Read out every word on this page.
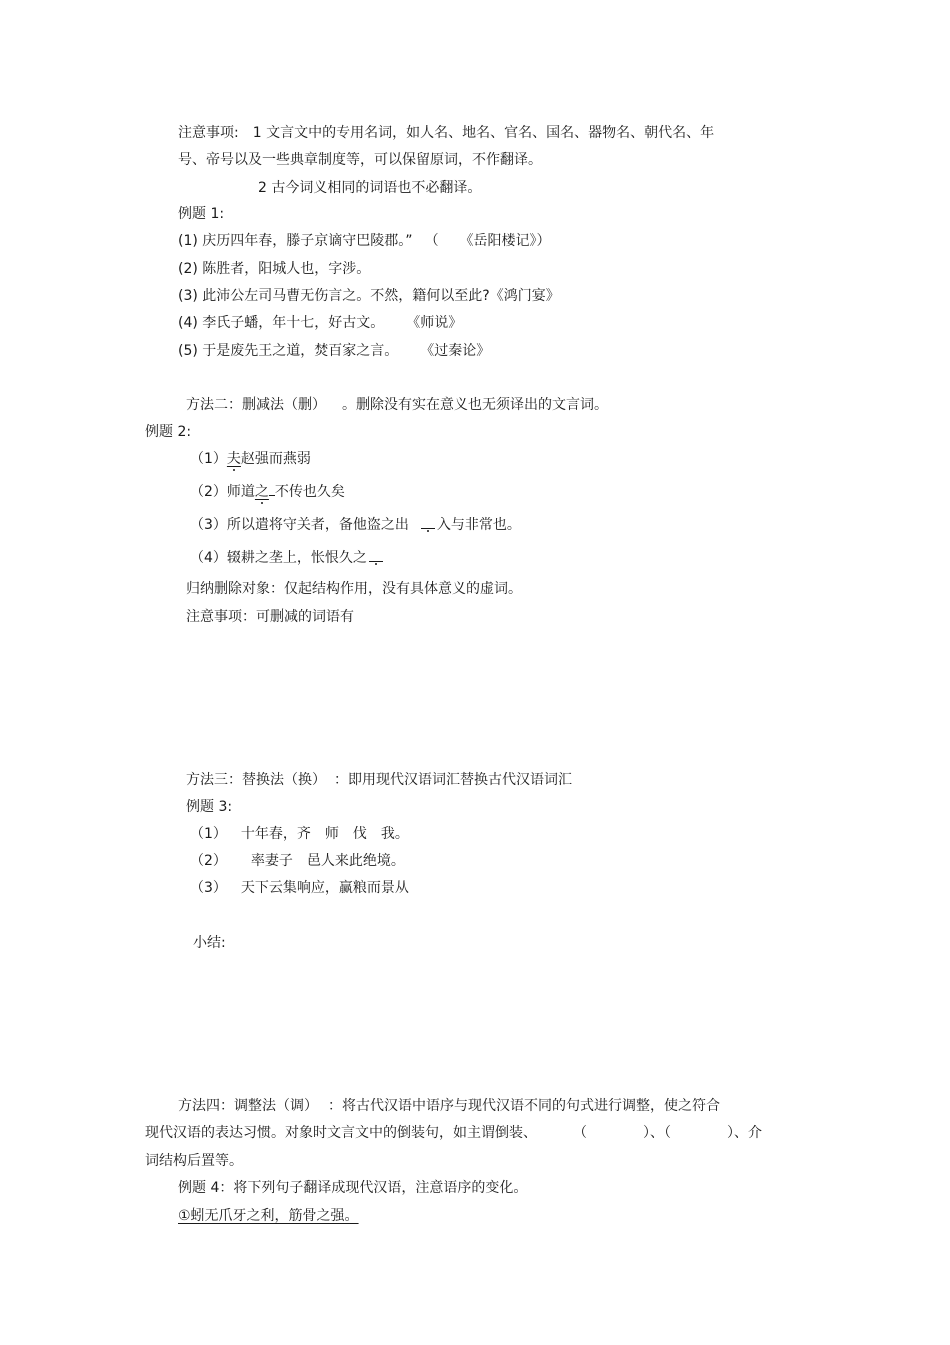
注意事项: 1 文言文中的专用名词，如人名、地名、官名、国名、器物名、朝代名、年
号、帝号以及一些典章制度等，可以保留原词，不作翻译。
2 古今词义相同的词语也不必翻译。
例题 1:
(1) 庆历四年春，滕子京谪守巴陵郡。” （　　《岳阳楼记》）
(2) 陈胜者，阳城人也，字涉。
(3) 此沛公左司马曹无伤言之。不然，籍何以至此?《鸿门宴》
(4) 李氏子蟠，年十七，好古文。 《师说》
(5) 于是废先王之道，焚百家之言。 《过秦论》
方法二：删减法（删） 。删除没有实在意义也无须译出的文言词。
例题 2:
（1）夫赵强而燕弱
（2）师道之 不传也久矣
（3）所以遣将守关者，备他盗之出 入与非常也。
（4）辍耕之垄上，怅恨久之
归纳删除对象：仅起结构作用，没有具体意义的虚词。
注意事项：可删减的词语有
方法三：替换法（换） ：即用现代汉语词汇替换古代汉语词汇
例题 3:
（1） 十年春，齐　师　伐　我。
（2）　率妻子　邑人来此绝境。
（3） 天下云集响应，赢粮而景从
小结:
方法四：调整法（调） ：将古代汉语中语序与现代汉语不同的句式进行调整，使之符合
现代汉语的表达习惯。对象时文言文中的倒装句，如主谓倒装、	（　　　　）、（　　　　）、介
词结构后置等。
例题 4：将下列句子翻译成现代汉语，注意语序的变化。
①蚓无爪牙之利，筋骨之强。
